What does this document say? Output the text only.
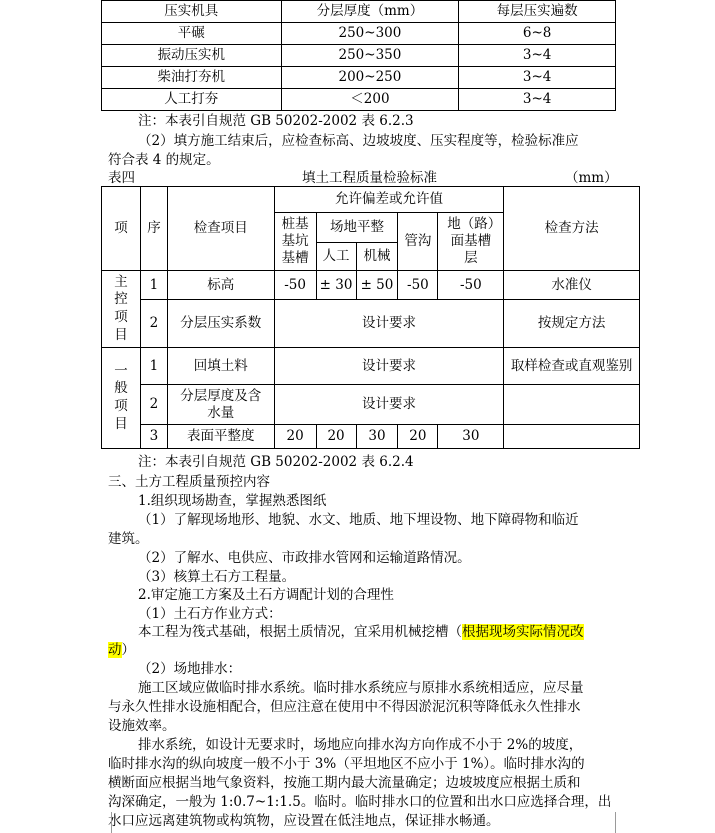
压实机具	分层厚度（mm）	每层压实遍数
平碾	250~300	6~8
振动压实机	250~350	3~4
柴油打夯机	200~250	3~4
人工打夯	＜200	3~4
注：本表引自规范 GB 50202-2002 表 6.2.3
（2）填方施工结束后，应检查标高、边坡坡度、压实程度等，检验标准应
符合表 4 的规定。
表四	填土工程质量检验标准	（mm）
项	序	检查项目	允许偏差或允许值					检查方法
			桩基基坑基槽	场地平整		管沟	地（路）面基槽层	
				人工	机械			
主控项目	1	标高	-50	± 30	± 50	-50	-50	水准仪
	2	分层压实系数	设计要求					按规定方法
一般项目	1	回填土料	设计要求					取样检查或直观鉴别
	2	分层厚度及含水量	设计要求					
	3	表面平整度	20	20	30	20	30	
注：本表引自规范 GB 50202-2002 表 6.2.4
三、土方工程质量预控内容
1.组织现场勘查，掌握熟悉图纸
（1）了解现场地形、地貌、水文、地质、地下埋设物、地下障碍物和临近
建筑。
（2）了解水、电供应、市政排水管网和运输道路情况。
（3）核算土石方工程量。
2.审定施工方案及土石方调配计划的合理性
（1）土石方作业方式：
本工程为筏式基础，根据土质情况，宜采用机械挖槽（根据现场实际情况改
动）
（2）场地排水：
施工区域应做临时排水系统。临时排水系统应与原排水系统相适应，应尽量
与永久性排水设施相配合，但应注意在使用中不得因淤泥沉积等降低永久性排水
设施效率。
排水系统，如设计无要求时，场地应向排水沟方向作成不小于 2%的坡度，
临时排水沟的纵向坡度一般不小于 3%（平坦地区不应小于 1%）。临时排水沟的
横断面应根据当地气象资料，按施工期内最大流量确定；边坡坡度应根据土质和
沟深确定，一般为 1:0.7~1:1.5。临时。临时排水口的位置和出水口应选择合理，出
水口应远离建筑物或构筑物，应设置在低洼地点，保证排水畅通。
